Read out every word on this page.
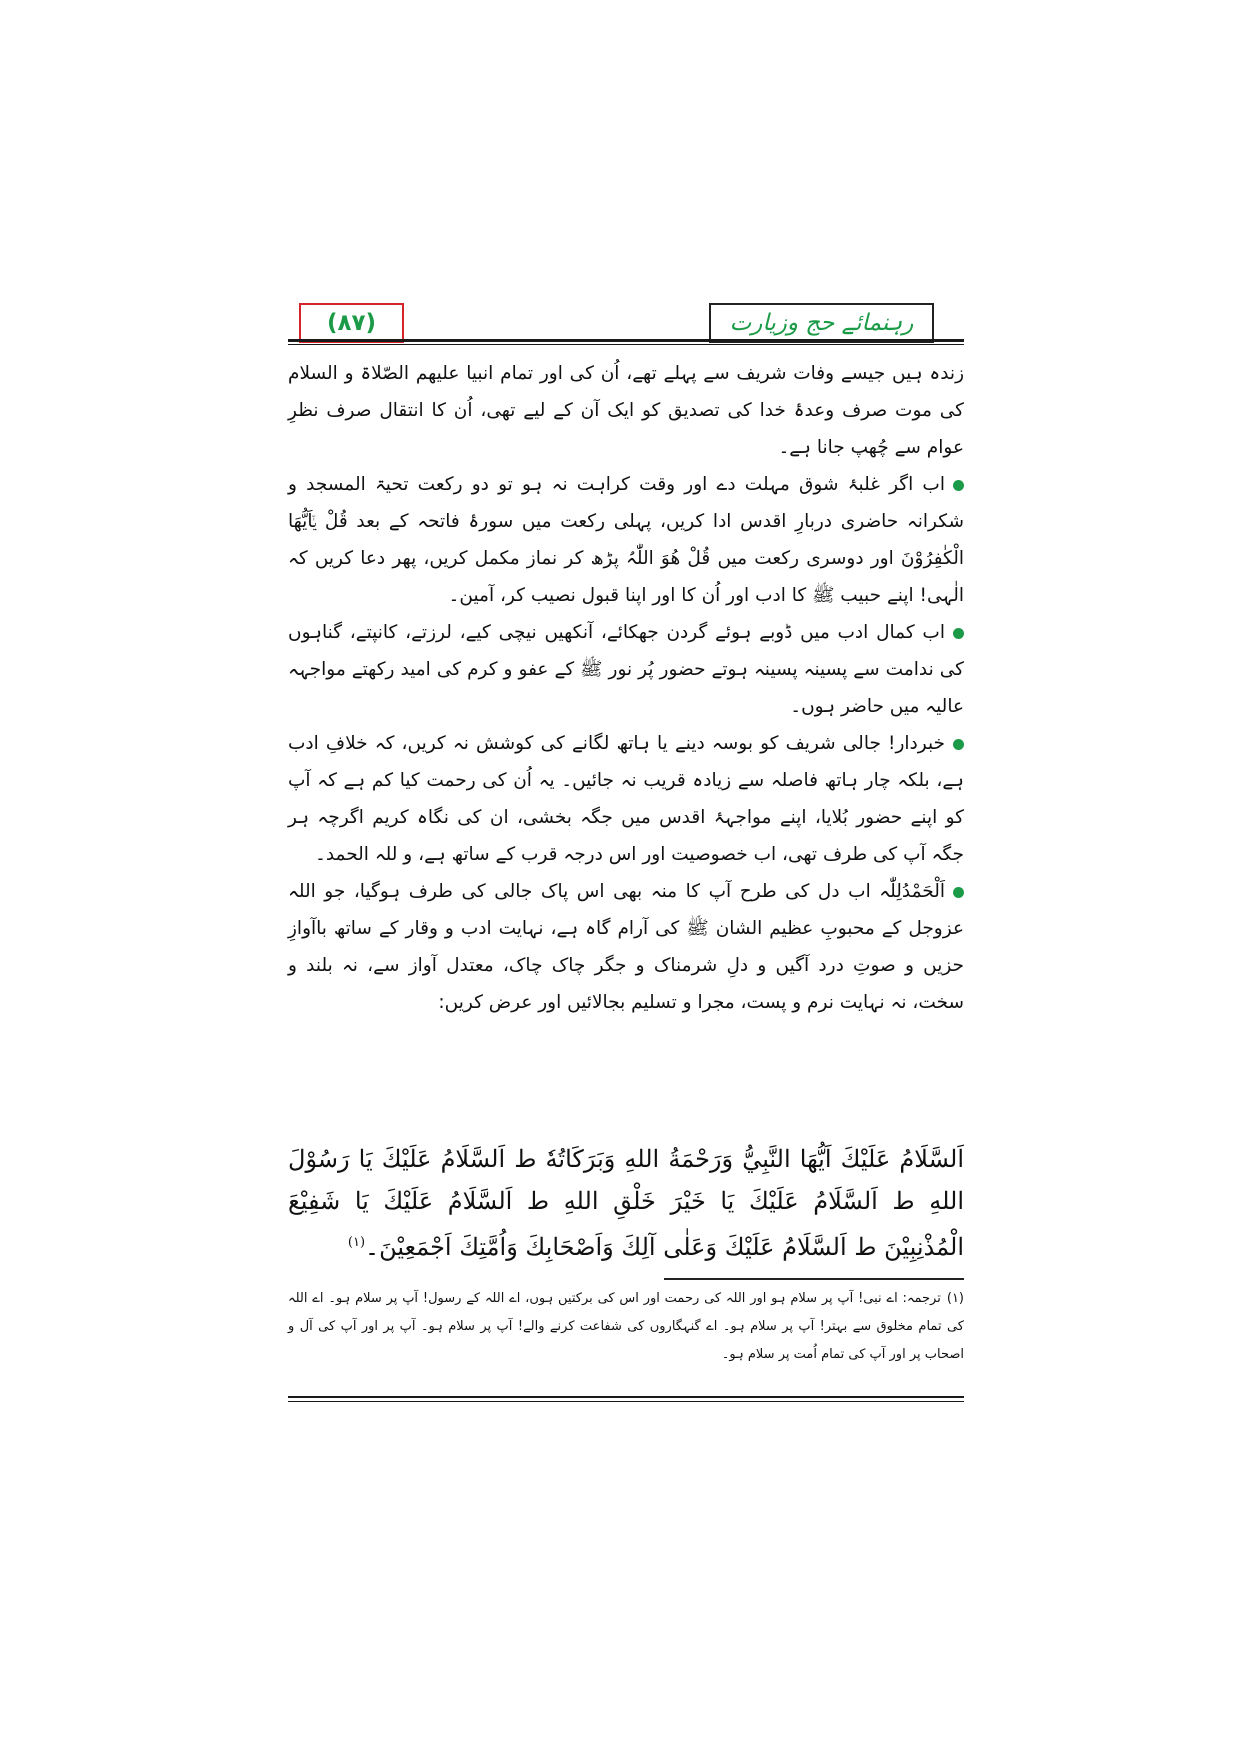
(۸۷)	رہنمائے حج وزیارت

زندہ ہیں جیسے وفات شریف سے پہلے تھے، اُن کی اور تمام انبیا علیھم الصّلاۃ و السلام کی موت صرف وعدۂ خدا کی تصدیق کو ایک آن کے لیے تھی، اُن کا انتقال صرف نظرِ عوام سے چُھپ جانا ہے۔

اب اگر غلبۂ شوق مہلت دے اور وقت کراہت نہ ہو تو دو رکعت تحیۃ المسجد و شکرانہ حاضری دربارِ اقدس ادا کریں، پہلی رکعت میں سورۂ فاتحہ کے بعد قُلْ یٰۤاَیُّهَا الْكٰفِرُوْنَ اور دوسری رکعت میں قُلْ ھُوَ اللّٰہُ پڑھ کر نماز مکمل کریں، پھر دعا کریں کہ الٰہی! اپنے حبیب ﷺ کا ادب اور اُن کا اور اپنا قبول نصیب کر، آمین۔

اب کمال ادب میں ڈوبے ہوئے گردن جھکائے، آنکھیں نیچی کیے، لرزتے، کانپتے، گناہوں کی ندامت سے پسینہ پسینہ ہوتے حضور پُر نور ﷺ کے عفو و کرم کی امید رکھتے مواجہہ عالیہ میں حاضر ہوں۔

خبردار! جالی شریف کو بوسہ دینے یا ہاتھ لگانے کی کوشش نہ کریں، کہ خلافِ ادب ہے، بلکہ چار ہاتھ فاصلہ سے زیادہ قریب نہ جائیں۔ یہ اُن کی رحمت کیا کم ہے کہ آپ کو اپنے حضور بُلایا، اپنے مواجہۂ اقدس میں جگہ بخشی، ان کی نگاہ کریم اگرچہ ہر جگہ آپ کی طرف تھی، اب خصوصیت اور اس درجہ قرب کے ساتھ ہے، و للہ الحمد۔

اَلْحَمْدُلِلّٰہ اب دل کی طرح آپ کا منہ بھی اس پاک جالی کی طرف ہوگیا، جو اللہ عزوجل کے محبوبِ عظیم الشان ﷺ کی آرام گاہ ہے، نہایت ادب و وقار کے ساتھ باآوازِ حزیں و صوتِ درد آگیں و دلِ شرمناک و جگر چاک چاک، معتدل آواز سے، نہ بلند و سخت، نہ نہایت نرم و پست، مجرا و تسلیم بجالائیں اور عرض کریں:

اَلسَّلَامُ عَلَيْكَ اَيُّهَا النَّبِيُّ وَرَحْمَةُ اللهِ وَبَرَكَاتُهٗ ط اَلسَّلَامُ عَلَيْكَ يَا رَسُوْلَ اللهِ ط اَلسَّلَامُ عَلَيْكَ يَا خَيْرَ خَلْقِ اللهِ ط اَلسَّلَامُ عَلَيْكَ يَا شَفِيْعَ الْمُذْنِبِيْنَ ط اَلسَّلَامُ عَلَيْكَ وَعَلٰى آلِكَ وَاَصْحَابِكَ وَاُمَّتِكَ اَجْمَعِيْنَ۔$^{(۱)}$
(۱)ترجمہ: اے نبی! آپ پر سلام ہو اور اللہ کی رحمت اور اس کی برکتیں ہوں، اے اللہ کے رسول! آپ پر سلام ہو۔ اے اللہ کی تمام مخلوق سے بہتر! آپ پر سلام ہو۔ اے گنہگاروں کی شفاعت کرنے والے! آپ پر سلام ہو۔ آپ پر اور آپ کی آل و اصحاب پر اور آپ کی تمام اُمت پر سلام ہو۔
